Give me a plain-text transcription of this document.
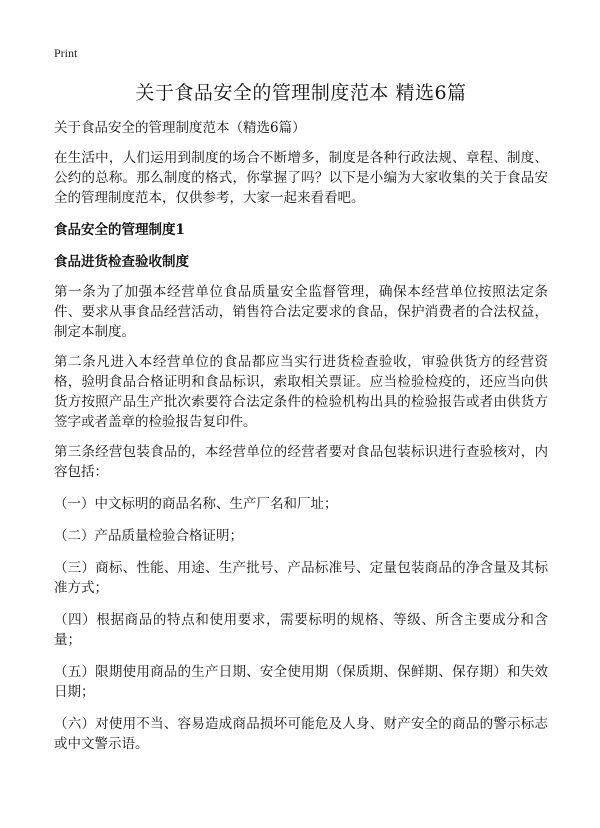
Print

关于食品安全的管理制度范本 精选6篇

关于食品安全的管理制度范本（精选6篇）

在生活中，人们运用到制度的场合不断增多，制度是各种行政法规、章程、制度、公约的总称。那么制度的格式，你掌握了吗？以下是小编为大家收集的关于食品安全的管理制度范本，仅供参考，大家一起来看看吧。

食品安全的管理制度1

食品进货检查验收制度

第一条为了加强本经营单位食品质量安全监督管理，确保本经营单位按照法定条件、要求从事食品经营活动，销售符合法定要求的食品，保护消费者的合法权益，制定本制度。

第二条凡进入本经营单位的食品都应当实行进货检查验收，审验供货方的经营资格，验明食品合格证明和食品标识，索取相关票证。应当检验检疫的，还应当向供货方按照产品生产批次索要符合法定条件的检验机构出具的检验报告或者由供货方签字或者盖章的检验报告复印件。

第三条经营包装食品的，本经营单位的经营者要对食品包装标识进行查验核对，内容包括：

（一）中文标明的商品名称、生产厂名和厂址；

（二）产品质量检验合格证明；

（三）商标、性能、用途、生产批号、产品标准号、定量包装商品的净含量及其标准方式；

（四）根据商品的特点和使用要求，需要标明的规格、等级、所含主要成分和含量；

（五）限期使用商品的生产日期、安全使用期（保质期、保鲜期、保存期）和失效日期；

（六）对使用不当、容易造成商品损坏可能危及人身、财产安全的商品的警示标志或中文警示语。
